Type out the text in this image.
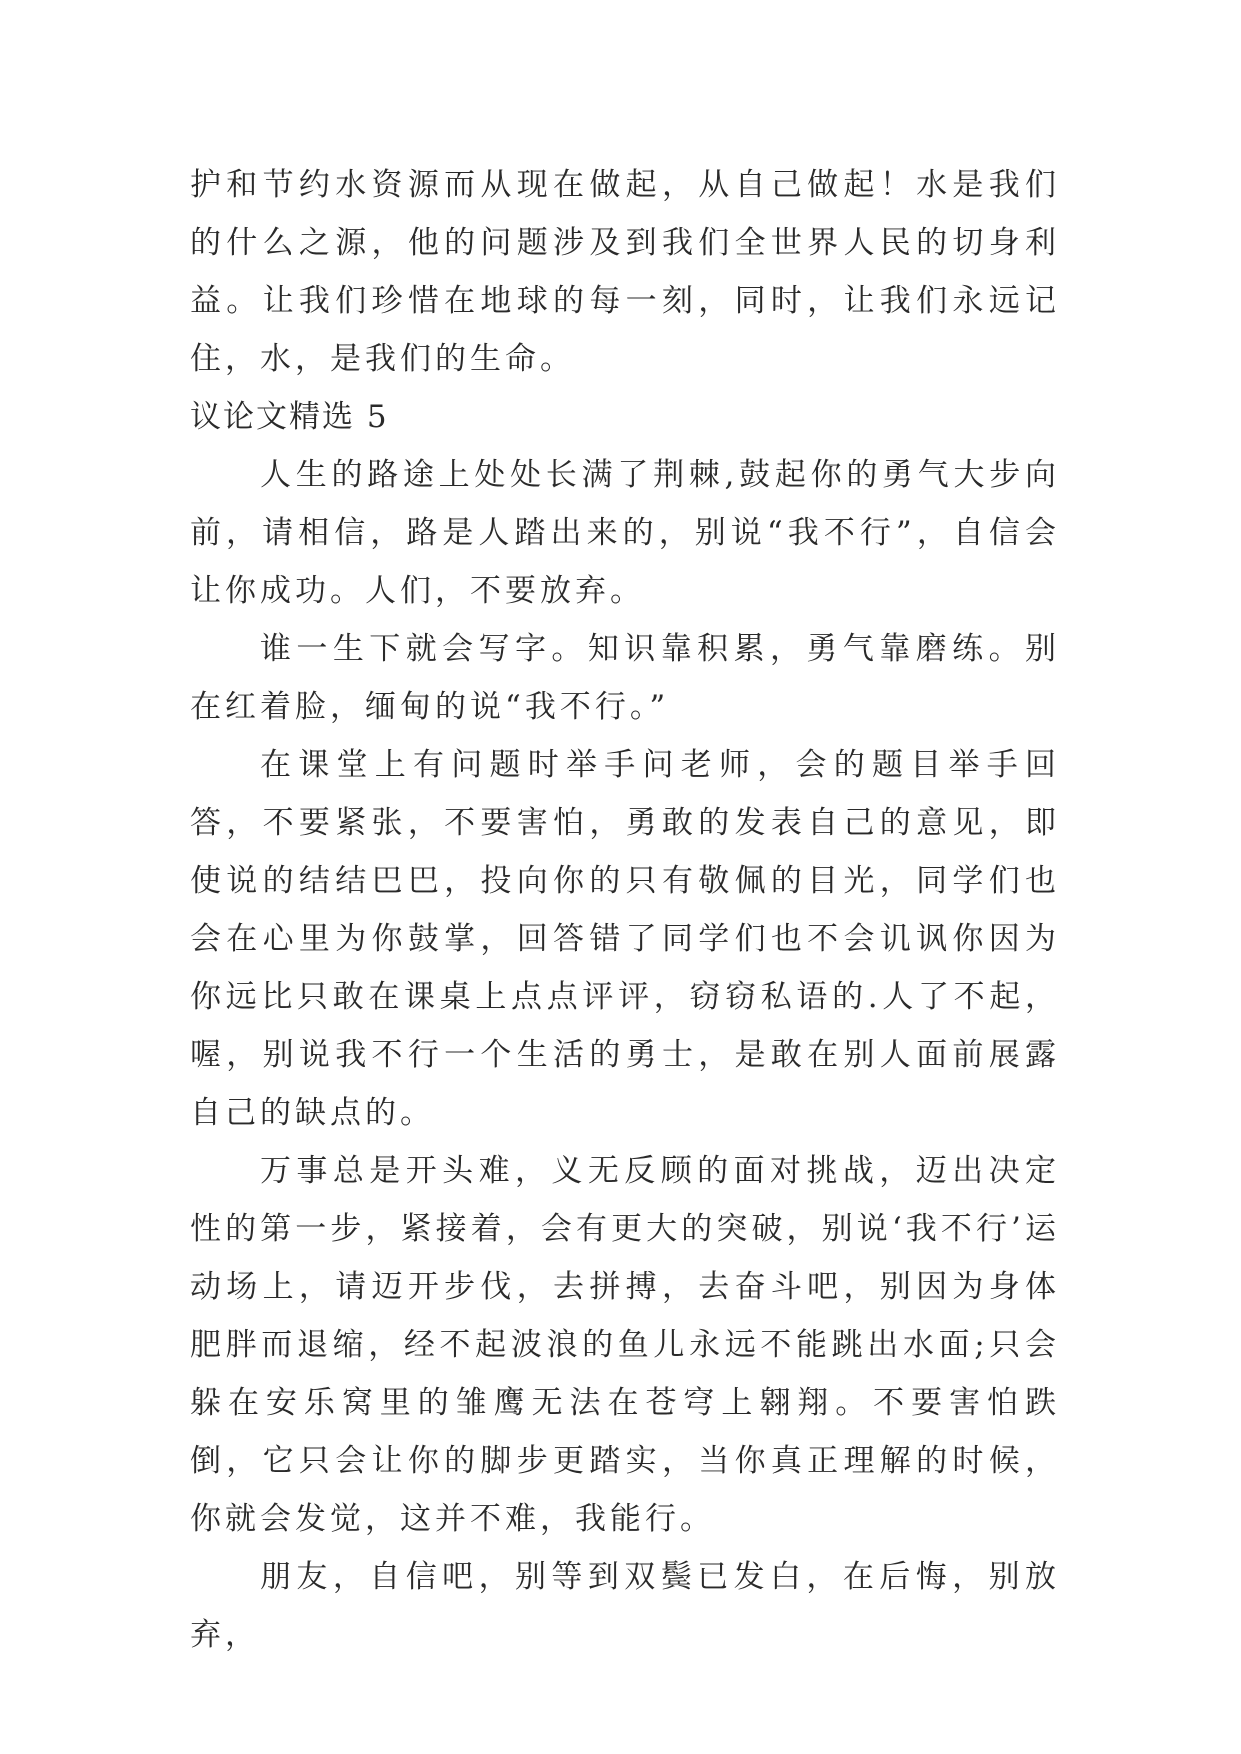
护和节约水资源而从现在做起，从自己做起！水是我们的什么之源，他的问题涉及到我们全世界人民的切身利益。让我们珍惜在地球的每一刻，同时，让我们永远记住，水，是我们的生命。

议论文精选 5

人生的路途上处处长满了荆棘,鼓起你的勇气大步向前，请相信，路是人踏出来的，别说“我不行”，自信会让你成功。人们，不要放弃。

谁一生下就会写字。知识靠积累，勇气靠磨练。别在红着脸，缅甸的说“我不行。”

在课堂上有问题时举手问老师，会的题目举手回答，不要紧张，不要害怕，勇敢的发表自己的意见，即使说的结结巴巴，投向你的只有敬佩的目光，同学们也会在心里为你鼓掌，回答错了同学们也不会讥讽你因为你远比只敢在课桌上点点评评，窃窃私语的.人了不起，喔，别说我不行一个生活的勇士，是敢在别人面前展露自己的缺点的。

万事总是开头难，义无反顾的面对挑战，迈出决定性的第一步，紧接着，会有更大的突破，别说‘我不行’运动场上，请迈开步伐，去拼搏，去奋斗吧，别因为身体肥胖而退缩，经不起波浪的鱼儿永远不能跳出水面;只会躲在安乐窝里的雏鹰无法在苍穹上翱翔。不要害怕跌倒，它只会让你的脚步更踏实，当你真正理解的时候，你就会发觉，这并不难，我能行。

朋友，自信吧，别等到双鬓已发白，在后悔，别放弃，
